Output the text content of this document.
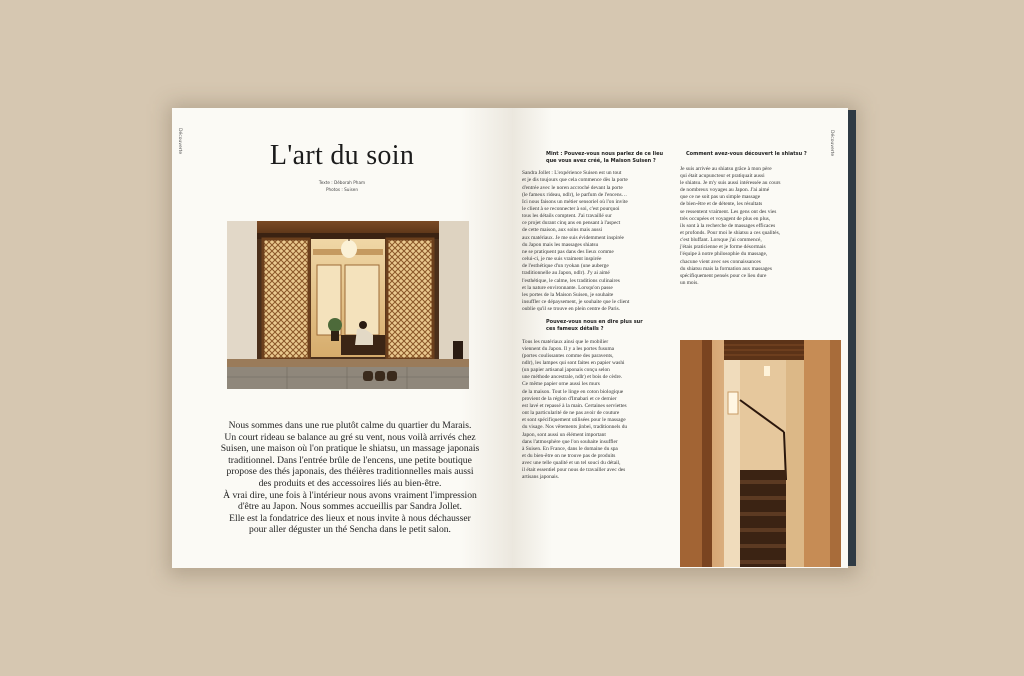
Découverte	L'art du soin
Texte : Déborah Pham
Photos : Suisen

Nous sommes dans une rue plutôt calme du quartier du Marais.

Un court rideau se balance au gré su vent, nous voilà arrivés chez

Suisen, une maison où l'on pratique le shiatsu, un massage japonais

traditionnel. Dans l'entrée brûle de l'encens, une petite boutique

propose des thés japonais, des théières traditionnelles mais aussi

des produits et des accessoires liés au bien-être.

À vrai dire, une fois à l'intérieur nous avons vraiment l'impression

d'être au Japon. Nous sommes accueillis par Sandra Jollet.

Elle est la fondatrice des lieux et nous invite à nous déchausser

pour aller déguster un thé Sencha dans le petit salon.

Découverte

Mint : Pouvez-vous nous parlez de ce lieu

que vous avez créé, la Maison Suisen ?

Sandra Jollet : L'expérience Suisen est un tout

et je dis toujours que cela commence dès la porte

d'entrée avec le noren accroché devant la porte

(le fameux rideau, ndlr), le parfum de l'encens…

Ici nous faisons un métier sensoriel où l'on invite

le client à se reconnecter à soi, c'est pourquoi

tous les détails comptent. J'ai travaillé sur

ce projet durant cinq ans en pensant à l'aspect

de cette maison, aux soins mais aussi

aux matériaux. Je me suis évidemment inspirée

du Japon mais les massages shiatsu

ne se pratiquent pas dans des lieux comme

celui-ci, je me suis vraiment inspirée

de l'esthétique d'un ryokan (une auberge

traditionnelle au Japon, ndlr). J'y ai aimé

l'esthétique, le calme, les traditions culinaires

et la nature environnante. Lorsqu'on passe

les portes de la Maison Suisen, je souhaite

insuffler ce dépaysement, je souhaite que le client

oublie qu'il se trouve en plein centre de Paris.

Pouvez-vous nous en dire plus sur

ces fameux détails ?

Tous les matériaux ainsi que le mobilier

viennent du Japon. Il y a les portes fusuma

(portes coulissantes comme des paravents,

ndlr), les lampes qui sont faites en papier washi

(un papier artisanal japonais conçu selon

une méthode ancestrale, ndlr) et bois de cèdre.

Ce même papier orne aussi les murs

de la maison. Tout le linge en coton biologique

provient de la région d'Imabari et ce dernier

est lavé et repassé à la main. Certaines serviettes

ont la particularité de ne pas avoir de couture

et sont spécifiquement utilisées pour le massage

du visage. Nos vêtements jinbei, traditionnels du

Japon, sont aussi un élément important

dans l'atmosphère que l'on souhaite insuffler

à Suisen. En France, dans le domaine du spa

et du bien-être on ne trouve pas de produits

avec une telle qualité et un tel souci du détail,

il était essentiel pour nous de travailler avec des

artisans japonais.

Comment avez-vous découvert le shiatsu ?

Je suis arrivée au shiatsu grâce à mon père

qui était acupuncteur et pratiquait aussi

le shiatsu. Je m'y suis aussi intéressée au cours

de nombreux voyages au Japon. J'ai aimé

que ce ne soit pas un simple massage

de bien-être et de détente, les résultats

se ressentent vraiment. Les gens ont des vies

très occupées et voyagent de plus en plus,

ils sont à la recherche de massages efficaces

et profonds. Pour moi le shiatsu a ces qualités,

c'est bluffant. Lorsque j'ai commencé,

j'étais praticienne et je forme désormais

l'équipe à notre philosophie du massage,

chacune vient avec ses connaissances

du shiatsu mais la formation aux massages

spécifiquement pensés pour ce lieu dure

un mois.
